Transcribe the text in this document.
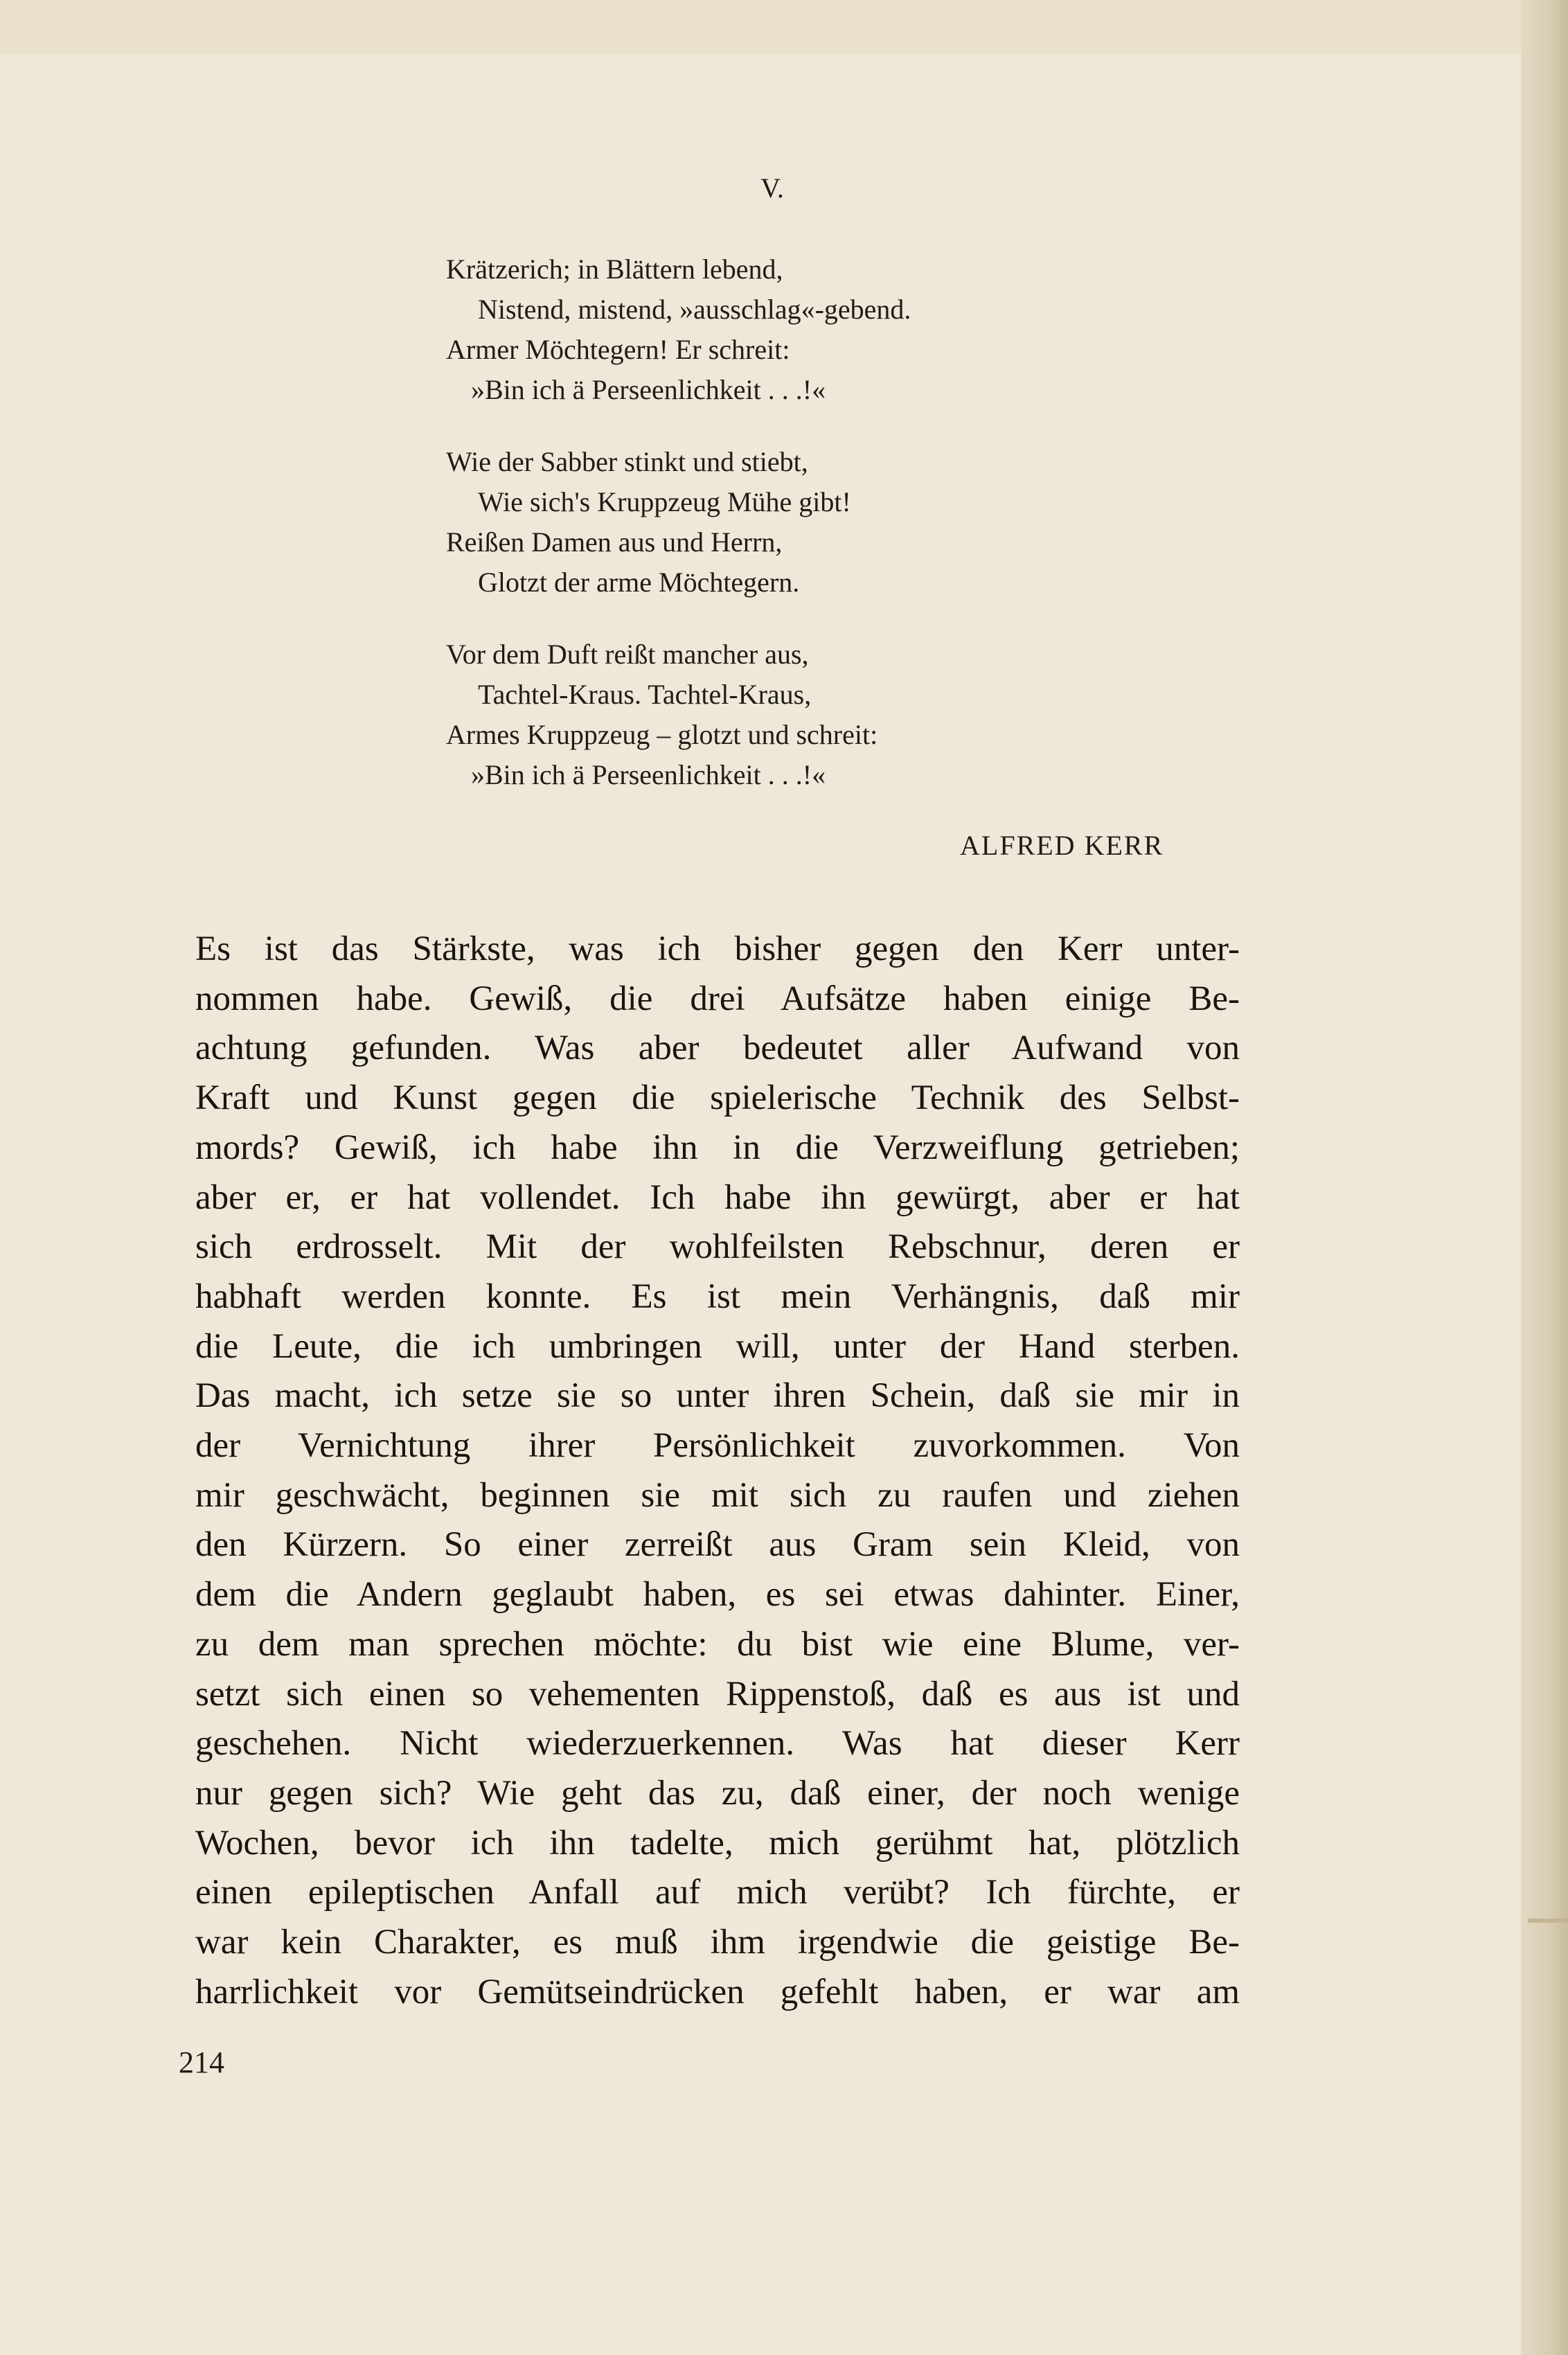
V.
Krätzerich; in Blättern lebend,
Nistend, mistend, »ausschlag«-gebend.
Armer Möchtegern! Er schreit:
»Bin ich ä Perseenlichkeit . . .!«
Wie der Sabber stinkt und stiebt,
Wie sich's Kruppzeug Mühe gibt!
Reißen Damen aus und Herrn,
Glotzt der arme Möchtegern.
Vor dem Duft reißt mancher aus,
Tachtel-Kraus. Tachtel-Kraus,
Armes Kruppzeug – glotzt und schreit:
»Bin ich ä Perseenlichkeit . . .!«
ALFRED KERR
Es ist das Stärkste, was ich bisher gegen den Kerr unter-
nommen habe. Gewiß, die drei Aufsätze haben einige Be-
achtung gefunden. Was aber bedeutet aller Aufwand von
Kraft und Kunst gegen die spielerische Technik des Selbst-
mords? Gewiß, ich habe ihn in die Verzweiflung getrieben;
aber er, er hat vollendet. Ich habe ihn gewürgt, aber er hat
sich erdrosselt. Mit der wohlfeilsten Rebschnur, deren er
habhaft werden konnte. Es ist mein Verhängnis, daß mir
die Leute, die ich umbringen will, unter der Hand sterben.
Das macht, ich setze sie so unter ihren Schein, daß sie mir in
der Vernichtung ihrer Persönlichkeit zuvorkommen. Von
mir geschwächt, beginnen sie mit sich zu raufen und ziehen
den Kürzern. So einer zerreißt aus Gram sein Kleid, von
dem die Andern geglaubt haben, es sei etwas dahinter. Einer,
zu dem man sprechen möchte: du bist wie eine Blume, ver-
setzt sich einen so vehementen Rippenstoß, daß es aus ist und
geschehen. Nicht wiederzuerkennen. Was hat dieser Kerr
nur gegen sich? Wie geht das zu, daß einer, der noch wenige
Wochen, bevor ich ihn tadelte, mich gerühmt hat, plötzlich
einen epileptischen Anfall auf mich verübt? Ich fürchte, er
war kein Charakter, es muß ihm irgendwie die geistige Be-
harrlichkeit vor Gemütseindrücken gefehlt haben, er war am
214
